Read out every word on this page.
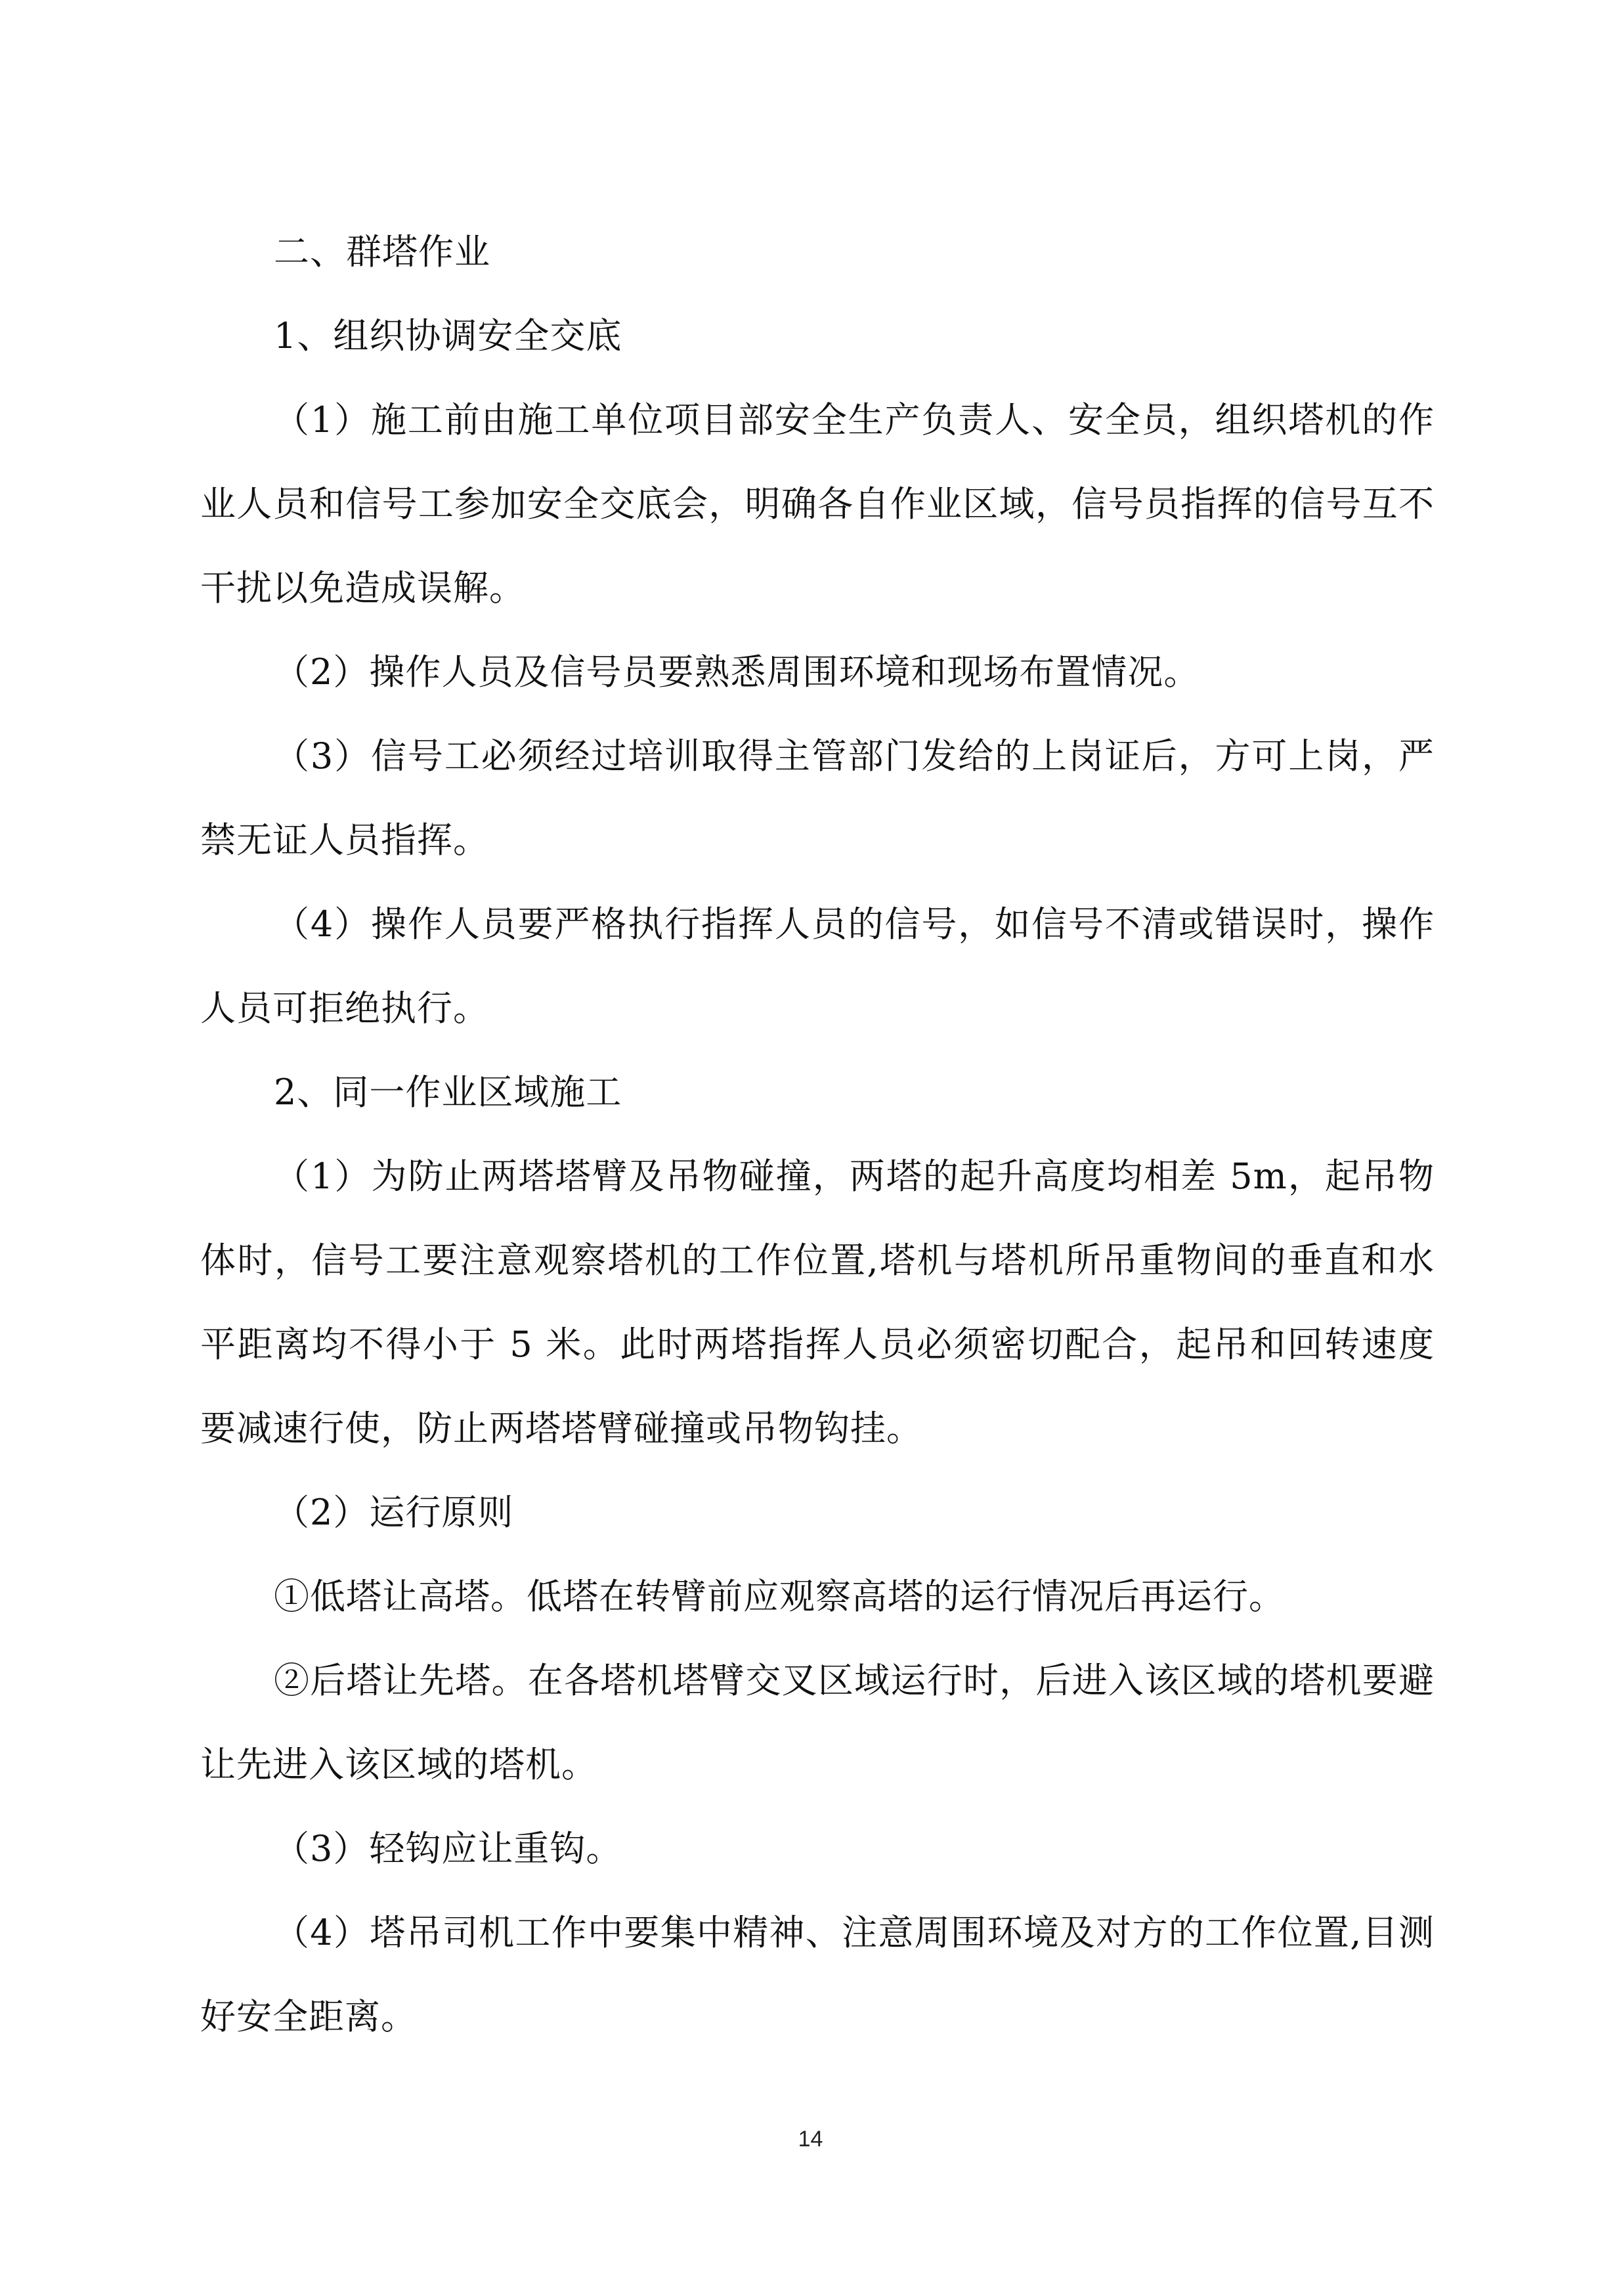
二、群塔作业

1、组织协调安全交底

（1）施工前由施工单位项目部安全生产负责人、安全员，组织塔机的作业人员和信号工参加安全交底会，明确各自作业区域，信号员指挥的信号互不干扰以免造成误解。

（2）操作人员及信号员要熟悉周围环境和现场布置情况。

（3）信号工必须经过培训取得主管部门发给的上岗证后，方可上岗，严禁无证人员指挥。

（4）操作人员要严格执行指挥人员的信号，如信号不清或错误时，操作人员可拒绝执行。

2、同一作业区域施工

（1）为防止两塔塔臂及吊物碰撞，两塔的起升高度均相差 5m，起吊物体时，信号工要注意观察塔机的工作位置,塔机与塔机所吊重物间的垂直和水平距离均不得小于 5 米。此时两塔指挥人员必须密切配合，起吊和回转速度要减速行使，防止两塔塔臂碰撞或吊物钩挂。

（2）运行原则

①低塔让高塔。低塔在转臂前应观察高塔的运行情况后再运行。

②后塔让先塔。在各塔机塔臂交叉区域运行时，后进入该区域的塔机要避让先进入该区域的塔机。

（3）轻钩应让重钩。

（4）塔吊司机工作中要集中精神、注意周围环境及对方的工作位置,目测好安全距离。

14
